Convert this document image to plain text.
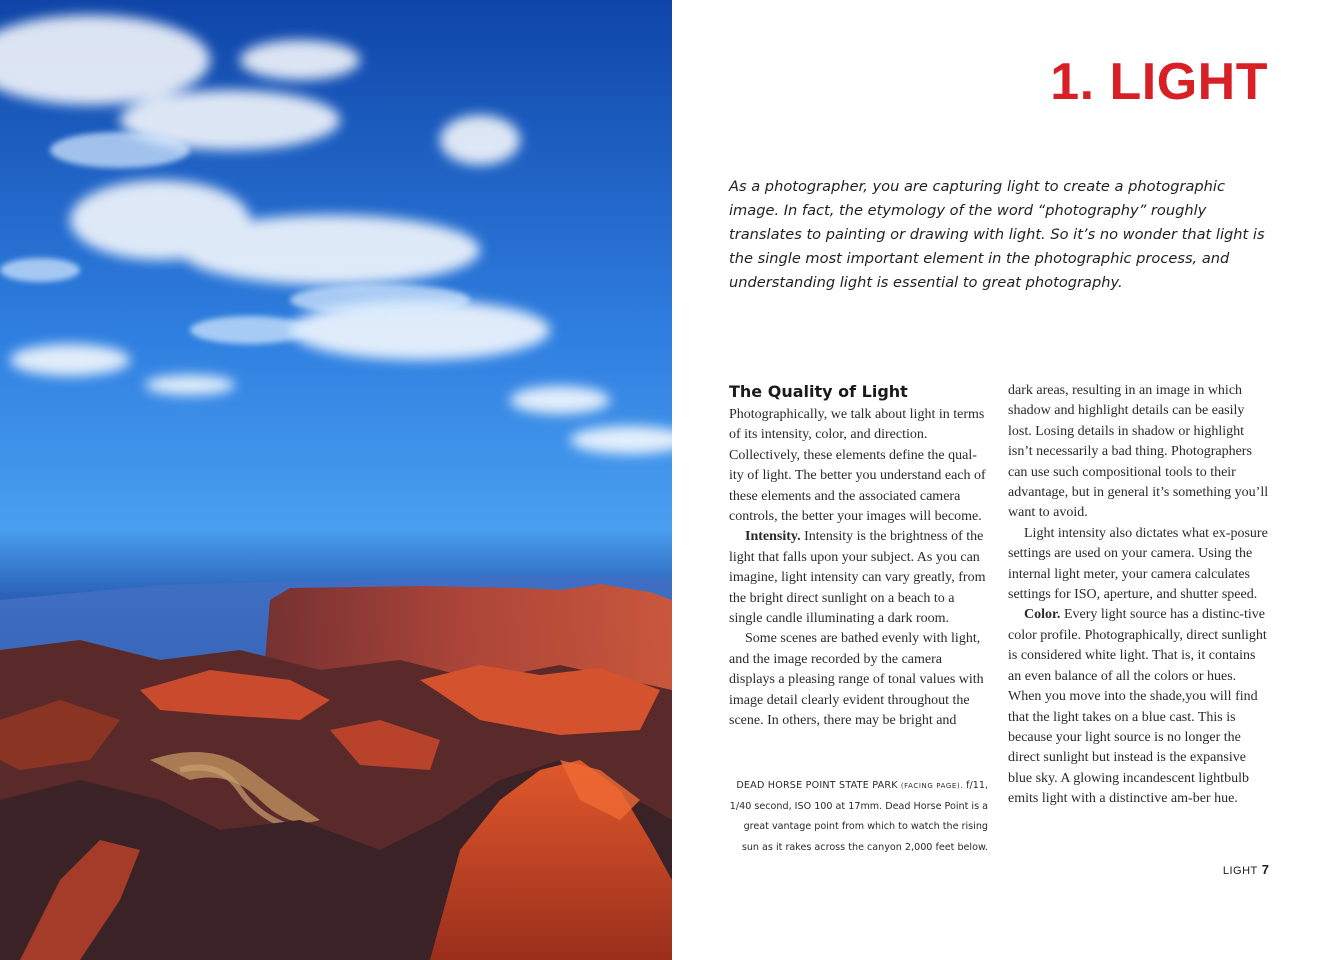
1. LIGHT

As a photographer, you are capturing light to create a photographic image. In fact, the etymology of the word “photography” roughly translates to painting or drawing with light. So it’s no wonder that light is the single most important element in the photographic process, and understanding light is essential to great photography.

The Quality of Light

Photographically, we talk about light in terms of its intensity, color, and direction. Collectively, these elements define the qual-ity of light. The better you understand each of these elements and the associated camera controls, the better your images will become.

Intensity. Intensity is the brightness of the light that falls upon your subject. As you can imagine, light intensity can vary greatly, from the bright direct sunlight on a beach to a single candle illuminating a dark room.

Some scenes are bathed evenly with light, and the image recorded by the camera displays a pleasing range of tonal values with image detail clearly evident throughout the scene. In others, there may be bright and

dark areas, resulting in an image in which shadow and highlight details can be easily lost. Losing details in shadow or highlight isn’t necessarily a bad thing. Photographers can use such compositional tools to their advantage, but in general it’s something you’ll want to avoid.

Light intensity also dictates what ex-posure settings are used on your camera. Using the internal light meter, your camera calculates settings for ISO, aperture, and shutter speed.

Color. Every light source has a distinc-tive color profile. Photographically, direct sunlight is considered white light. That is, it contains an even balance of all the colors or hues. When you move into the shade,you will find that the light takes on a blue cast. This is because your light source is no longer the direct sunlight but instead is the expansive blue sky. A glowing incandescent lightbulb emits light with a distinctive am-ber hue.

DEAD HORSE POINT STATE PARK (FACING PAGE). f/11, 1/40 second, ISO 100 at 17mm. Dead Horse Point is a great vantage point from which to watch the rising sun as it rakes across the canyon 2,000 feet below.

LIGHT 7
